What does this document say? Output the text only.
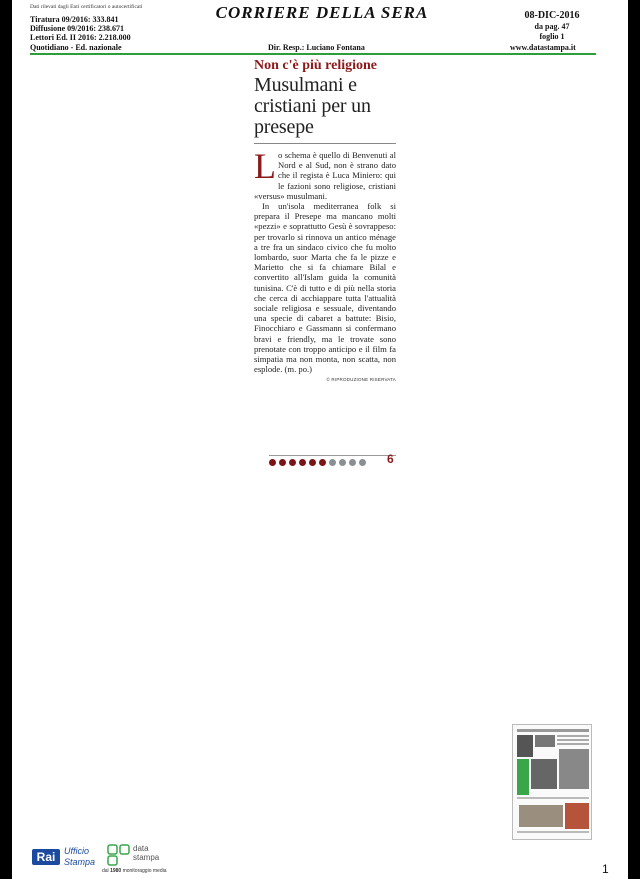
Dati rilevati dagli Enti certificatori o autocertificati
Tiratura 09/2016: 333.841
Diffusione 09/2016: 238.671
Lettori Ed. II 2016: 2.218.000
CORRIERE DELLA SERA	08-DIC-2016
da pag. 47
foglio 1
Quotidiano - Ed. nazionale	Dir. Resp.: Luciano Fontana	www.datastampa.it
Non c'è più religione
Musulmani e cristiani per un presepe

Lo schema è quello di Benvenuti al Nord e al Sud, non è strano dato che il regista è Luca Miniero: qui le fazioni sono religiose, cristiani «versus» musulmani.

In un'isola mediterranea folk si prepara il Presepe ma mancano molti «pezzi» e soprattutto Gesù è sovrappeso: per trovarlo si rinnova un antico ménage a tre fra un sindaco civico che fu molto lombardo, suor Marta che fa le pizze e Marietto che si fa chiamare Bilal e convertito all'Islam guida la comunità tunisina. C'è di tutto e di più nella storia che cerca di acchiappare tutta l'attualità sociale religiosa e sessuale, diventando una specie di cabaret a battute: Bisio, Finocchiaro e Gassmann si confermano bravi e friendly, ma le trovate sono prenotate con troppo anticipo e il film fa simpatia ma non monta, non scatta, non esplode. (m. po.)

© RIPRODUZIONE RISERVATA
6
Rai Ufficio
Stampa
data
stampa
dal 1980 monitoraggio media	1
